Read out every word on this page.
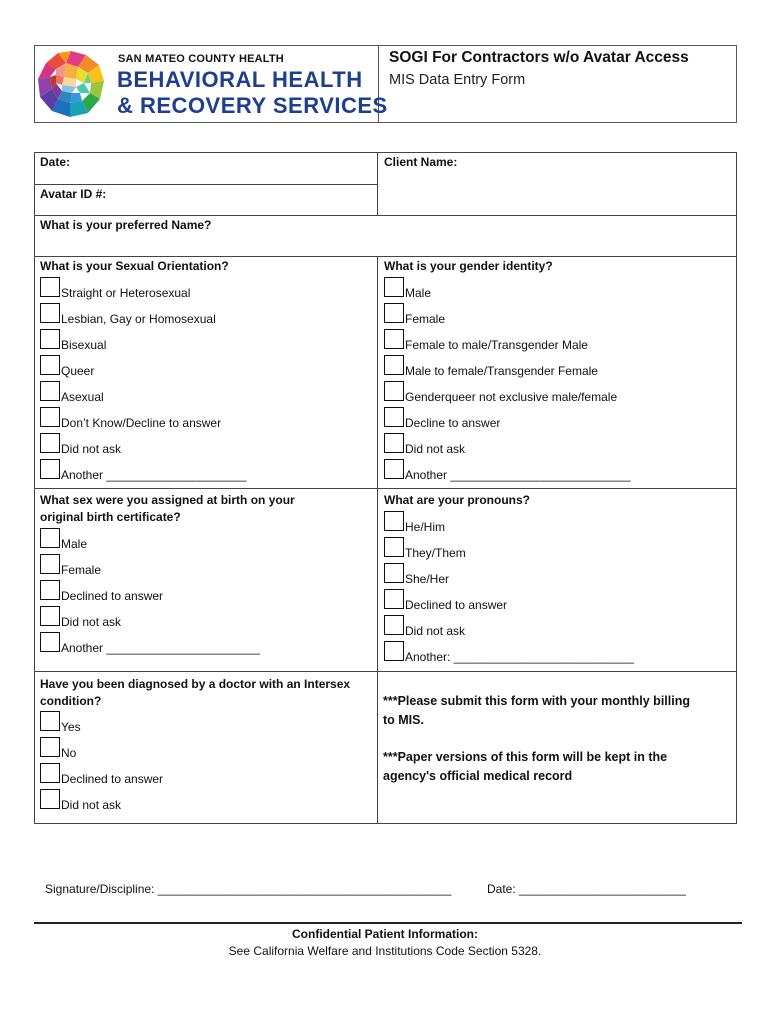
SAN MATEO COUNTY HEALTH
BEHAVIORAL HEALTH
& RECOVERY SERVICES
SOGI For Contractors w/o Avatar Access
MIS Data Entry Form
Date:	Client Name:
Avatar ID #:
What is your preferred Name?
What is your Sexual Orientation?
Straight or Heterosexual
Lesbian, Gay or Homosexual
Bisexual
Queer
Asexual
Don’t Know/Decline to answer
Did not ask
Another _____________________
What is your gender identity?
Male
Female
Female to male/Transgender Male
Male to female/Transgender Female
Genderqueer not exclusive male/female
Decline to answer
Did not ask
Another ___________________________
What sex were you assigned at birth on your
original birth certificate?
Male
Female
Declined to answer
Did not ask
Another _______________________
What are your pronouns?
He/Him
They/Them
She/Her
Declined to answer
Did not ask
Another: ___________________________
Have you been diagnosed by a doctor with an Intersex
condition?
Yes
No
Declined to answer
Did not ask
***Please submit this form with your monthly billing
to MIS.
***Paper versions of this form will be kept in the
agency's official medical record
Signature/Discipline: ____________________________________________	Date: _________________________
Confidential Patient Information:
See California Welfare and Institutions Code Section 5328.
